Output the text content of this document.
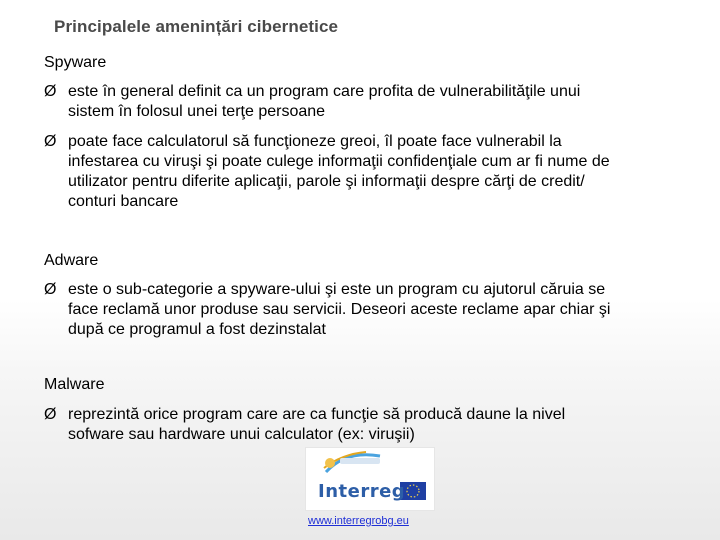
Principalele amenințări cibernetice
Spyware
Ø este în general definit ca un program care profita de vulnerabilităţile unui
sistem în folosul unei terţe persoane
Ø poate face calculatorul să funcţioneze greoi, îl poate face vulnerabil la
infestarea cu viruşi şi poate culege informaţii confidenţiale cum ar fi nume de
utilizator pentru diferite aplicaţii, parole şi informaţii despre cărţi de credit/
conturi bancare
Adware
Ø este o sub-categorie a spyware-ului şi este un program cu ajutorul căruia se
face reclamă unor produse sau servicii. Deseori aceste reclame apar chiar şi
după ce programul a fost dezinstalat
Malware
Ø reprezintă orice program care are ca funcţie să producă daune la nivel
sofware sau hardware unui calculator (ex: viruşii)
Interreg
www.interregrobg.eu
